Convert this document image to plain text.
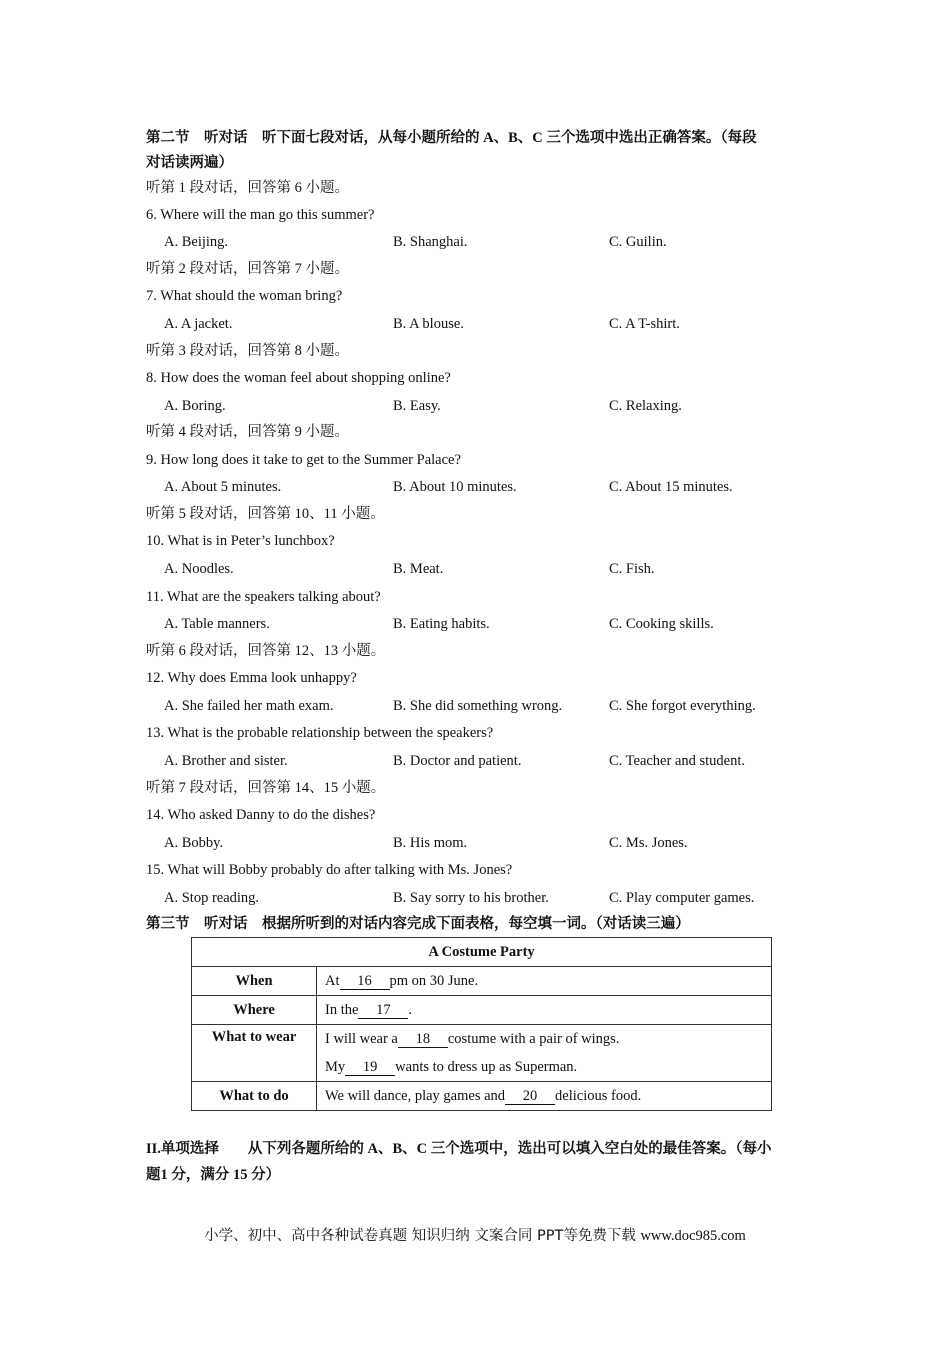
第二节　听对话　听下面七段对话，从每小题所给的 A、B、C 三个选项中选出正确答案。（每段
对话读两遍）
听第 1 段对话，回答第 6 小题。
6. Where will the man go this summer?
A. Beijing.	B. Shanghai.	C. Guilin.
听第 2 段对话，回答第 7 小题。
7. What should the woman bring?
A. A jacket.	B. A blouse.	C. A T-shirt.
听第 3 段对话，回答第 8 小题。
8. How does the woman feel about shopping online?
A. Boring.	B. Easy.	C. Relaxing.
听第 4 段对话，回答第 9 小题。
9. How long does it take to get to the Summer Palace?
A. About 5 minutes.	B. About 10 minutes.	C. About 15 minutes.
听第 5 段对话，回答第 10、11 小题。
10. What is in Peter’s lunchbox?
A. Noodles.	B. Meat.	C. Fish.
11. What are the speakers talking about?
A. Table manners.	B. Eating habits.	C. Cooking skills.
听第 6 段对话，回答第 12、13 小题。
12. Why does Emma look unhappy?
A. She failed her math exam.	B. She did something wrong.	C. She forgot everything.
13. What is the probable relationship between the speakers?
A. Brother and sister.	B. Doctor and patient.	C. Teacher and student.
听第 7 段对话，回答第 14、15 小题。
14. Who asked Danny to do the dishes?
A. Bobby.	B. His mom.	C. Ms. Jones.
15. What will Bobby probably do after talking with Ms. Jones?
A. Stop reading.	B. Say sorry to his brother.	C. Play computer games.
第三节　听对话　根据所听到的对话内容完成下面表格，每空填一词。（对话读三遍）
A Costume Party	
When	At 16 pm on 30 June.
Where	In the 17 .
What to wear	I will wear a 18 costume with a pair of wings.
	My 19 wants to dress up as Superman.
What to do	We will dance, play games and 20 delicious food.
II.单项选择　　从下列各题所给的 A、B、C 三个选项中，选出可以填入空白处的最佳答案。（每小
题1 分，满分 15 分）
小学、初中、高中各种试卷真题 知识归纳 文案合同 PPT等免费下载 www.doc985.com
